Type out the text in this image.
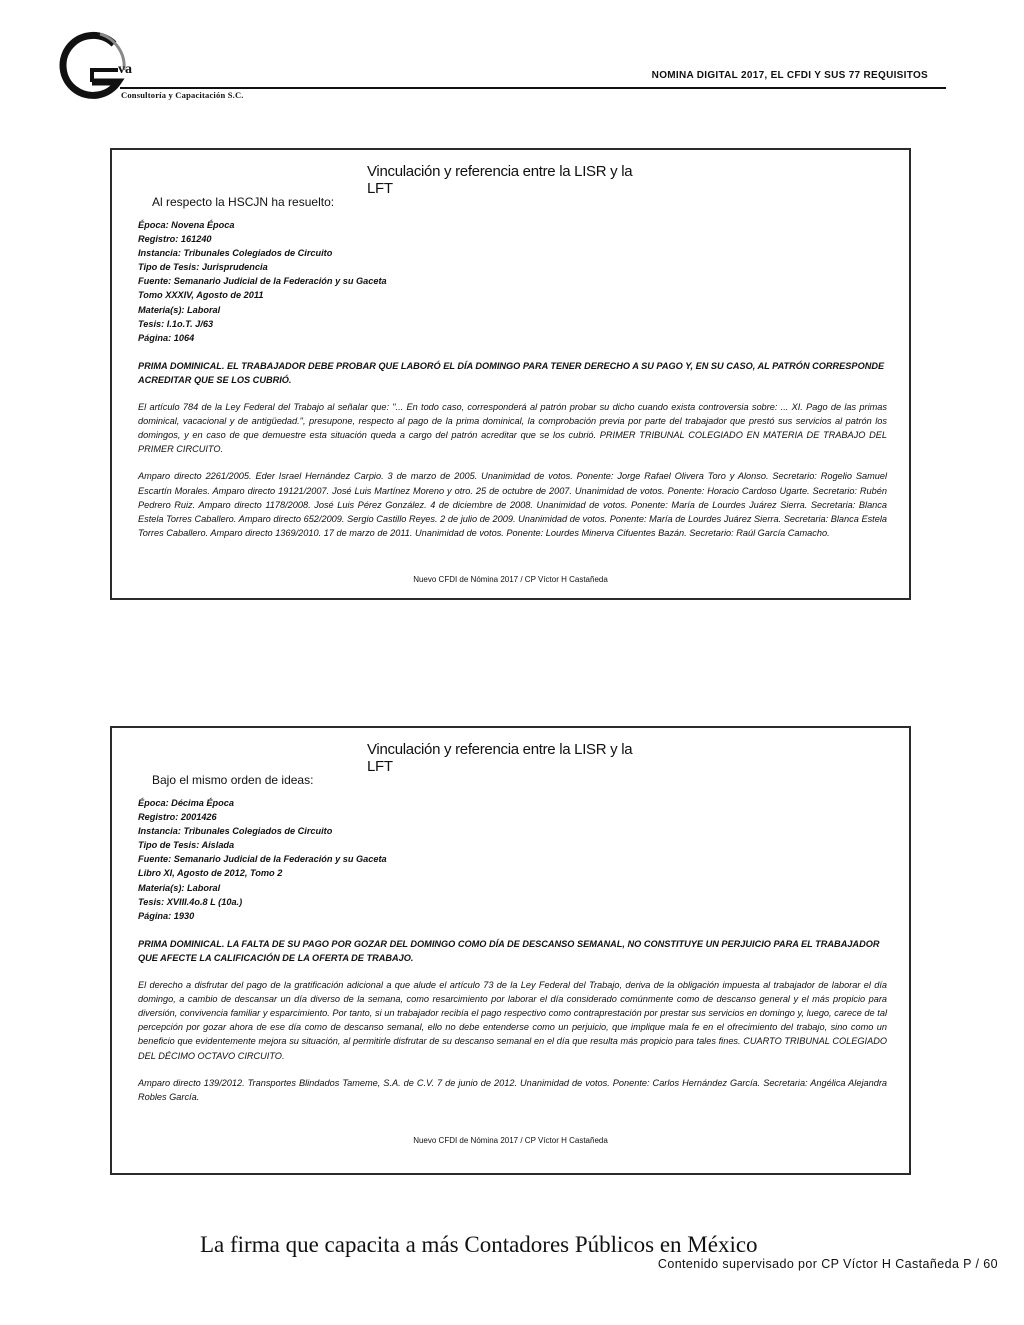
va
Consultoría y Capacitación S.C.
NOMINA DIGITAL 2017, EL CFDI Y SUS 77 REQUISITOS
Vinculación y referencia entre la LISR y la LFT
Al respecto la HSCJN ha resuelto:
Época: Novena Época
Registro: 161240
Instancia: Tribunales Colegiados de Circuito
Tipo de Tesis: Jurisprudencia
Fuente: Semanario Judicial de la Federación y su Gaceta
Tomo XXXIV, Agosto de 2011
Materia(s): Laboral
Tesis: I.1o.T. J/63
Página: 1064
PRIMA DOMINICAL. EL TRABAJADOR DEBE PROBAR QUE LABORÓ EL DÍA DOMINGO PARA TENER DERECHO A SU PAGO Y, EN SU CASO, AL PATRÓN CORRESPONDE ACREDITAR QUE SE LOS CUBRIÓ.
El artículo 784 de la Ley Federal del Trabajo al señalar que: "... En todo caso, corresponderá al patrón probar su dicho cuando exista controversia sobre: ... XI. Pago de las primas dominical, vacacional y de antigüedad.", presupone, respecto al pago de la prima dominical, la comprobación previa por parte del trabajador que prestó sus servicios al patrón los domingos, y en caso de que demuestre esta situación queda a cargo del patrón acreditar que se los cubrió. PRIMER TRIBUNAL COLEGIADO EN MATERIA DE TRABAJO DEL PRIMER CIRCUITO.
Amparo directo 2261/2005. Eder Israel Hernández Carpio. 3 de marzo de 2005. Unanimidad de votos. Ponente: Jorge Rafael Olivera Toro y Alonso. Secretario: Rogelio Samuel Escartín Morales. Amparo directo 19121/2007. José Luis Martínez Moreno y otro. 25 de octubre de 2007. Unanimidad de votos. Ponente: Horacio Cardoso Ugarte. Secretario: Rubén Pedrero Ruiz. Amparo directo 1178/2008. José Luis Pérez González. 4 de diciembre de 2008. Unanimidad de votos. Ponente: María de Lourdes Juárez Sierra. Secretaria: Blanca Estela Torres Caballero. Amparo directo 652/2009. Sergio Castillo Reyes. 2 de julio de 2009. Unanimidad de votos. Ponente: María de Lourdes Juárez Sierra. Secretaria: Blanca Estela Torres Caballero. Amparo directo 1369/2010. 17 de marzo de 2011. Unanimidad de votos. Ponente: Lourdes Minerva Cifuentes Bazán. Secretario: Raúl García Camacho.
Nuevo CFDI de Nómina 2017 / CP Víctor H Castañeda
Vinculación y referencia entre la LISR y la LFT
Bajo el mismo orden de ideas:
Época: Décima Época
Registro: 2001426
Instancia: Tribunales Colegiados de Circuito
Tipo de Tesis: Aislada
Fuente: Semanario Judicial de la Federación y su Gaceta
Libro XI, Agosto de 2012, Tomo 2
Materia(s): Laboral
Tesis: XVIII.4o.8 L (10a.)
Página: 1930
PRIMA DOMINICAL. LA FALTA DE SU PAGO POR GOZAR DEL DOMINGO COMO DÍA DE DESCANSO SEMANAL, NO CONSTITUYE UN PERJUICIO PARA EL TRABAJADOR QUE AFECTE LA CALIFICACIÓN DE LA OFERTA DE TRABAJO.
El derecho a disfrutar del pago de la gratificación adicional a que alude el artículo 73 de la Ley Federal del Trabajo, deriva de la obligación impuesta al trabajador de laborar el día domingo, a cambio de descansar un día diverso de la semana, como resarcimiento por laborar el día considerado comúnmente como de descanso general y el más propicio para diversión, convivencia familiar y esparcimiento. Por tanto, si un trabajador recibía el pago respectivo como contraprestación por prestar sus servicios en domingo y, luego, carece de tal percepción por gozar ahora de ese día como de descanso semanal, ello no debe entenderse como un perjuicio, que implique mala fe en el ofrecimiento del trabajo, sino como un beneficio que evidentemente mejora su situación, al permitirle disfrutar de su descanso semanal en el día que resulta más propicio para tales fines. CUARTO TRIBUNAL COLEGIADO DEL DÉCIMO OCTAVO CIRCUITO.
Amparo directo 139/2012. Transportes Blindados Tameme, S.A. de C.V. 7 de junio de 2012. Unanimidad de votos. Ponente: Carlos Hernández García. Secretaria: Angélica Alejandra Robles García.
Nuevo CFDI de Nómina 2017 / CP Víctor H Castañeda
La firma que capacita a más Contadores Públicos en México
Contenido supervisado por CP Víctor H Castañeda P / 60
